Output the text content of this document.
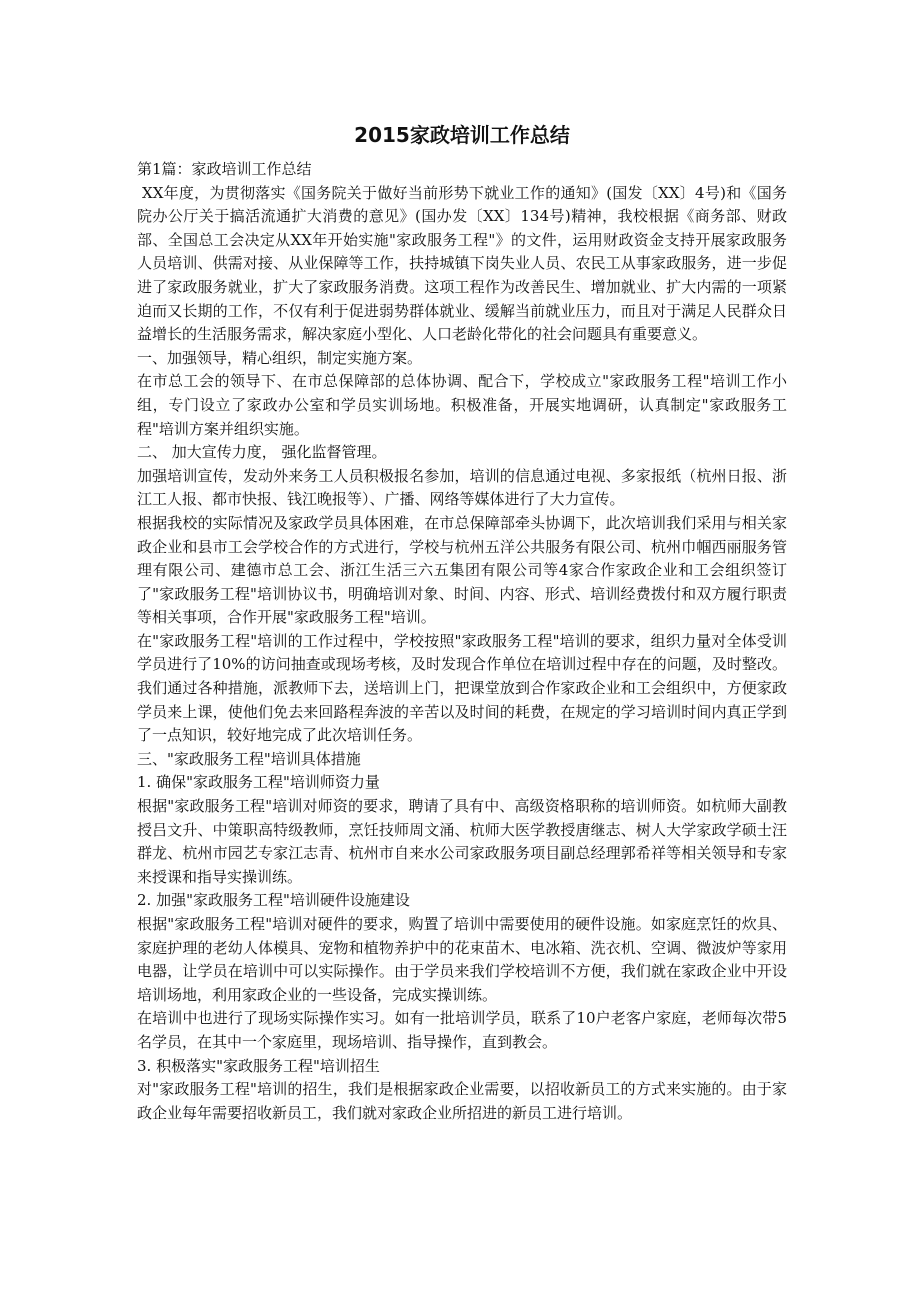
2015家政培训工作总结

第1篇：家政培训工作总结

XX年度，为贯彻落实《国务院关于做好当前形势下就业工作的通知》(国发〔XX〕4号)和《国务院办公厅关于搞活流通扩大消费的意见》(国办发〔XX〕134号)精神，我校根据《商务部、财政部、全国总工会决定从XX年开始实施"家政服务工程"》的文件，运用财政资金支持开展家政服务人员培训、供需对接、从业保障等工作，扶持城镇下岗失业人员、农民工从事家政服务，进一步促进了家政服务就业，扩大了家政服务消费。这项工程作为改善民生、增加就业、扩大内需的一项紧迫而又长期的工作，不仅有利于促进弱势群体就业、缓解当前就业压力，而且对于满足人民群众日益增长的生活服务需求，解决家庭小型化、人口老龄化带化的社会问题具有重要意义。

一、加强领导，精心组织，制定实施方案。

在市总工会的领导下、在市总保障部的总体协调、配合下，学校成立"家政服务工程"培训工作小组，专门设立了家政办公室和学员实训场地。积极准备，开展实地调研，认真制定"家政服务工程"培训方案并组织实施。

二、 加大宣传力度， 强化监督管理。

加强培训宣传，发动外来务工人员积极报名参加，培训的信息通过电视、多家报纸（杭州日报、浙江工人报、都市快报、钱江晚报等）、广播、网络等媒体进行了大力宣传。

根据我校的实际情况及家政学员具体困难，在市总保障部牵头协调下，此次培训我们采用与相关家政企业和县市工会学校合作的方式进行，学校与杭州五洋公共服务有限公司、杭州巾帼西丽服务管理有限公司、建德市总工会、浙江生活三六五集团有限公司等4家合作家政企业和工会组织签订了"家政服务工程"培训协议书，明确培训对象、时间、内容、形式、培训经费拨付和双方履行职责等相关事项，合作开展"家政服务工程"培训。

在"家政服务工程"培训的工作过程中，学校按照"家政服务工程"培训的要求，组织力量对全体受训学员进行了10%的访问抽查或现场考核，及时发现合作单位在培训过程中存在的问题，及时整改。我们通过各种措施，派教师下去，送培训上门，把课堂放到合作家政企业和工会组织中，方便家政学员来上课，使他们免去来回路程奔波的辛苦以及时间的耗费，在规定的学习培训时间内真正学到了一点知识，较好地完成了此次培训任务。

三、"家政服务工程"培训具体措施

1. 确保"家政服务工程"培训师资力量

根据"家政服务工程"培训对师资的要求，聘请了具有中、高级资格职称的培训师资。如杭师大副教授吕文升、中策职高特级教师，烹饪技师周文涌、杭师大医学教授唐继志、树人大学家政学硕士汪群龙、杭州市园艺专家江志青、杭州市自来水公司家政服务项目副总经理郭希祥等相关领导和专家来授课和指导实操训练。

2. 加强"家政服务工程"培训硬件设施建设

根据"家政服务工程"培训对硬件的要求，购置了培训中需要使用的硬件设施。如家庭烹饪的炊具、家庭护理的老幼人体模具、宠物和植物养护中的花束苗木、电冰箱、洗衣机、空调、微波炉等家用电器，让学员在培训中可以实际操作。由于学员来我们学校培训不方便，我们就在家政企业中开设培训场地，利用家政企业的一些设备，完成实操训练。

在培训中也进行了现场实际操作实习。如有一批培训学员，联系了10户老客户家庭，老师每次带5名学员，在其中一个家庭里，现场培训、指导操作，直到教会。

3. 积极落实"家政服务工程"培训招生

对"家政服务工程"培训的招生，我们是根据家政企业需要，以招收新员工的方式来实施的。由于家政企业每年需要招收新员工，我们就对家政企业所招进的新员工进行培训。
